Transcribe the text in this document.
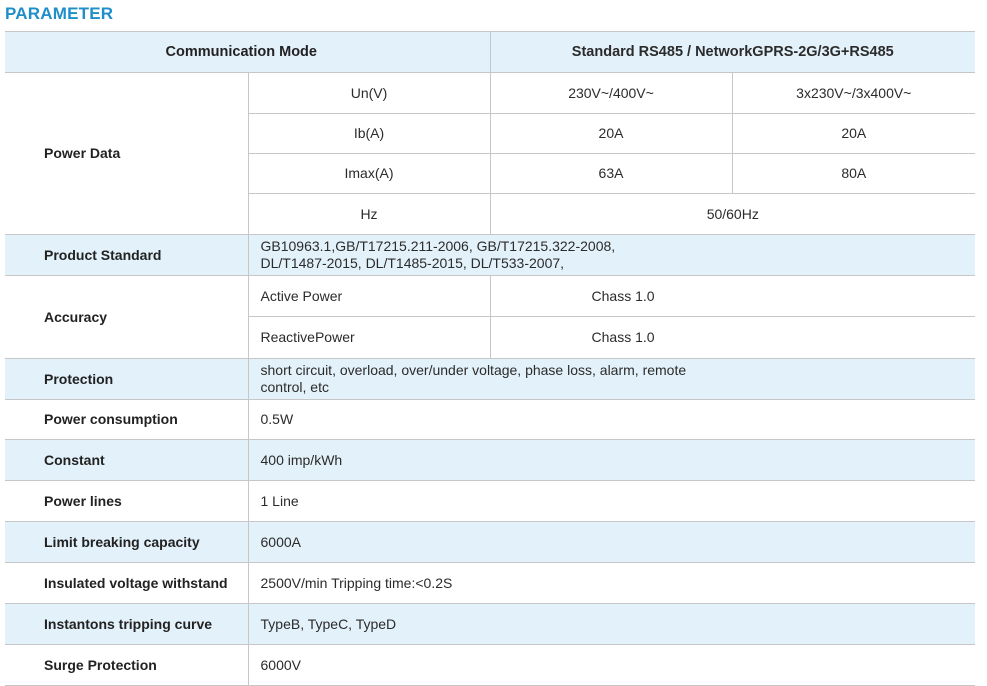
PARAMETER
Communication Mode		Standard RS485 / NetworkGPRS-2G/3G+RS485	
Power Data	Un(V)	230V~/400V~	3x230V~/3x400V~
	Ib(A)	20A	20A
	Imax(A)	63A	80A
	Hz	50/60Hz	
Product Standard	GB10963.1,GB/T17215.211-2006, GB/T17215.322-2008,
DL/T1487-2015, DL/T1485-2015, DL/T533-2007,		

Accuracy	Active Power	Chass 1.0	
	ReactivePower	Chass 1.0	
Protection	short circuit, overload, over/under voltage, phase loss, alarm, remote
control, etc		

Power consumption	0.5W		
Constant	400 imp/kWh		
Power lines	1 Line		
Limit breaking capacity	6000A		
Insulated voltage withstand	2500V/min Tripping time:<0.2S		
Instantons tripping curve	TypeB, TypeC, TypeD		
Surge Protection	6000V		
